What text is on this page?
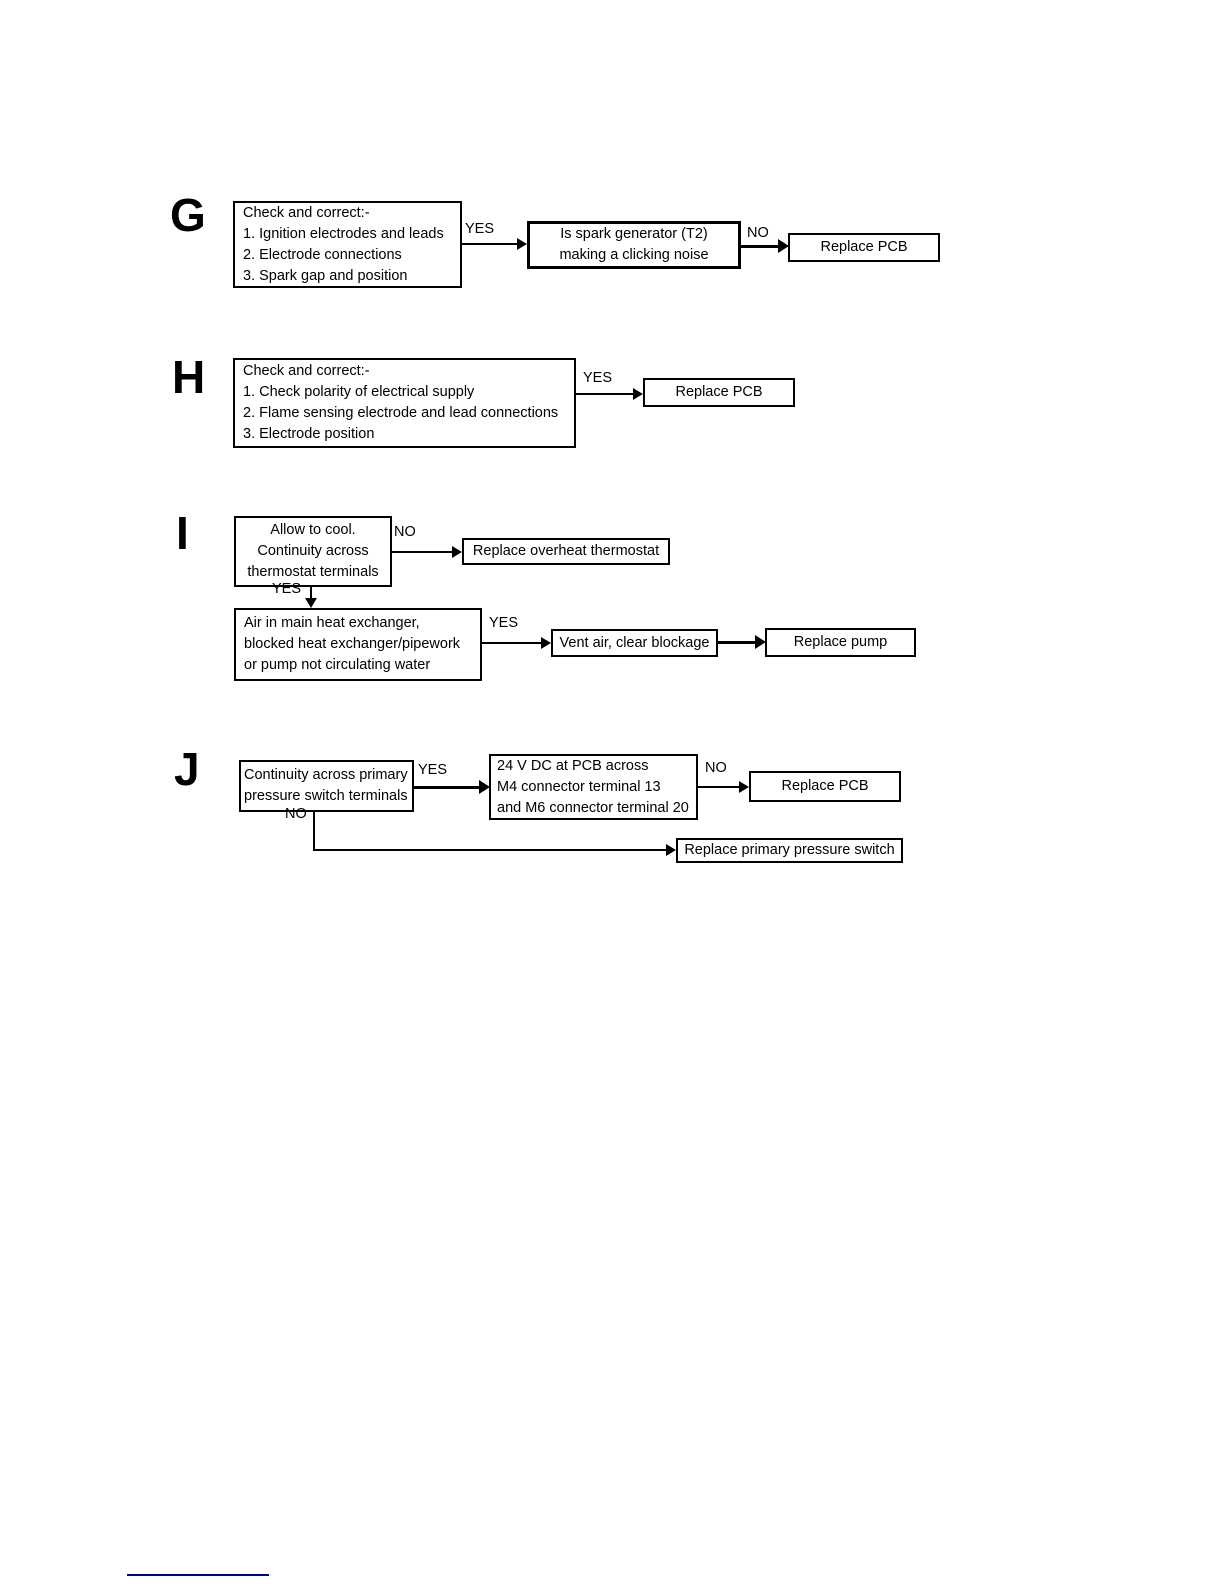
G	Check and correct:-
1. Ignition electrodes and leads
2. Electrode connections
3. Spark gap and position
YES	Is spark generator (T2)
making a clicking noise
NO
Replace PCB
H	Check and correct:-
1. Check polarity of electrical supply
2. Flame sensing electrode and lead connections
3. Electrode position
YES
Replace PCB
I	Allow to cool.
Continuity across
thermostat terminals
NO
Replace overheat thermostat
YES
Air in main heat exchanger,
blocked heat exchanger/pipework
or pump not circulating water
YES
Vent air, clear blockage	Replace pump
J	Continuity across primary
pressure switch terminals
YES	24 V DC at PCB across
M4 connector terminal 13
and M6 connector terminal 20
NO
Replace PCB
NO
Replace primary pressure switch
